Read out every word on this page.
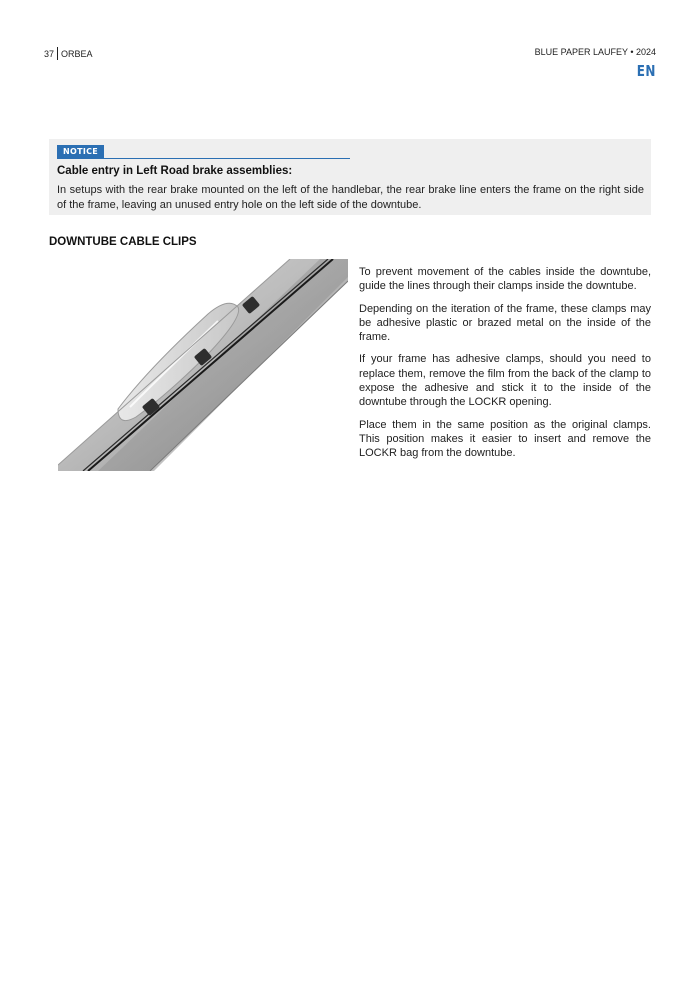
37 ORBEA	BLUE PAPER LAUFEY • 2024
EN
NOTICE
Cable entry in Left Road brake assemblies:
In setups with the rear brake mounted on the left of the handlebar, the rear brake line enters the frame on the right side of the frame, leaving an unused entry hole on the left side of the downtube.
DOWNTUBE CABLE CLIPS

To prevent movement of the cables inside the downtube, guide the lines through their clamps inside the downtube.

Depending on the iteration of the frame, these clamps may be adhesive plastic or brazed metal on the inside of the frame.

If your frame has adhesive clamps, should you need to replace them, remove the film from the back of the clamp to expose the adhesive and stick it to the inside of the downtube through the LOCKR opening.

Place them in the same position as the original clamps. This position makes it easier to insert and remove the LOCKR bag from the downtube.
